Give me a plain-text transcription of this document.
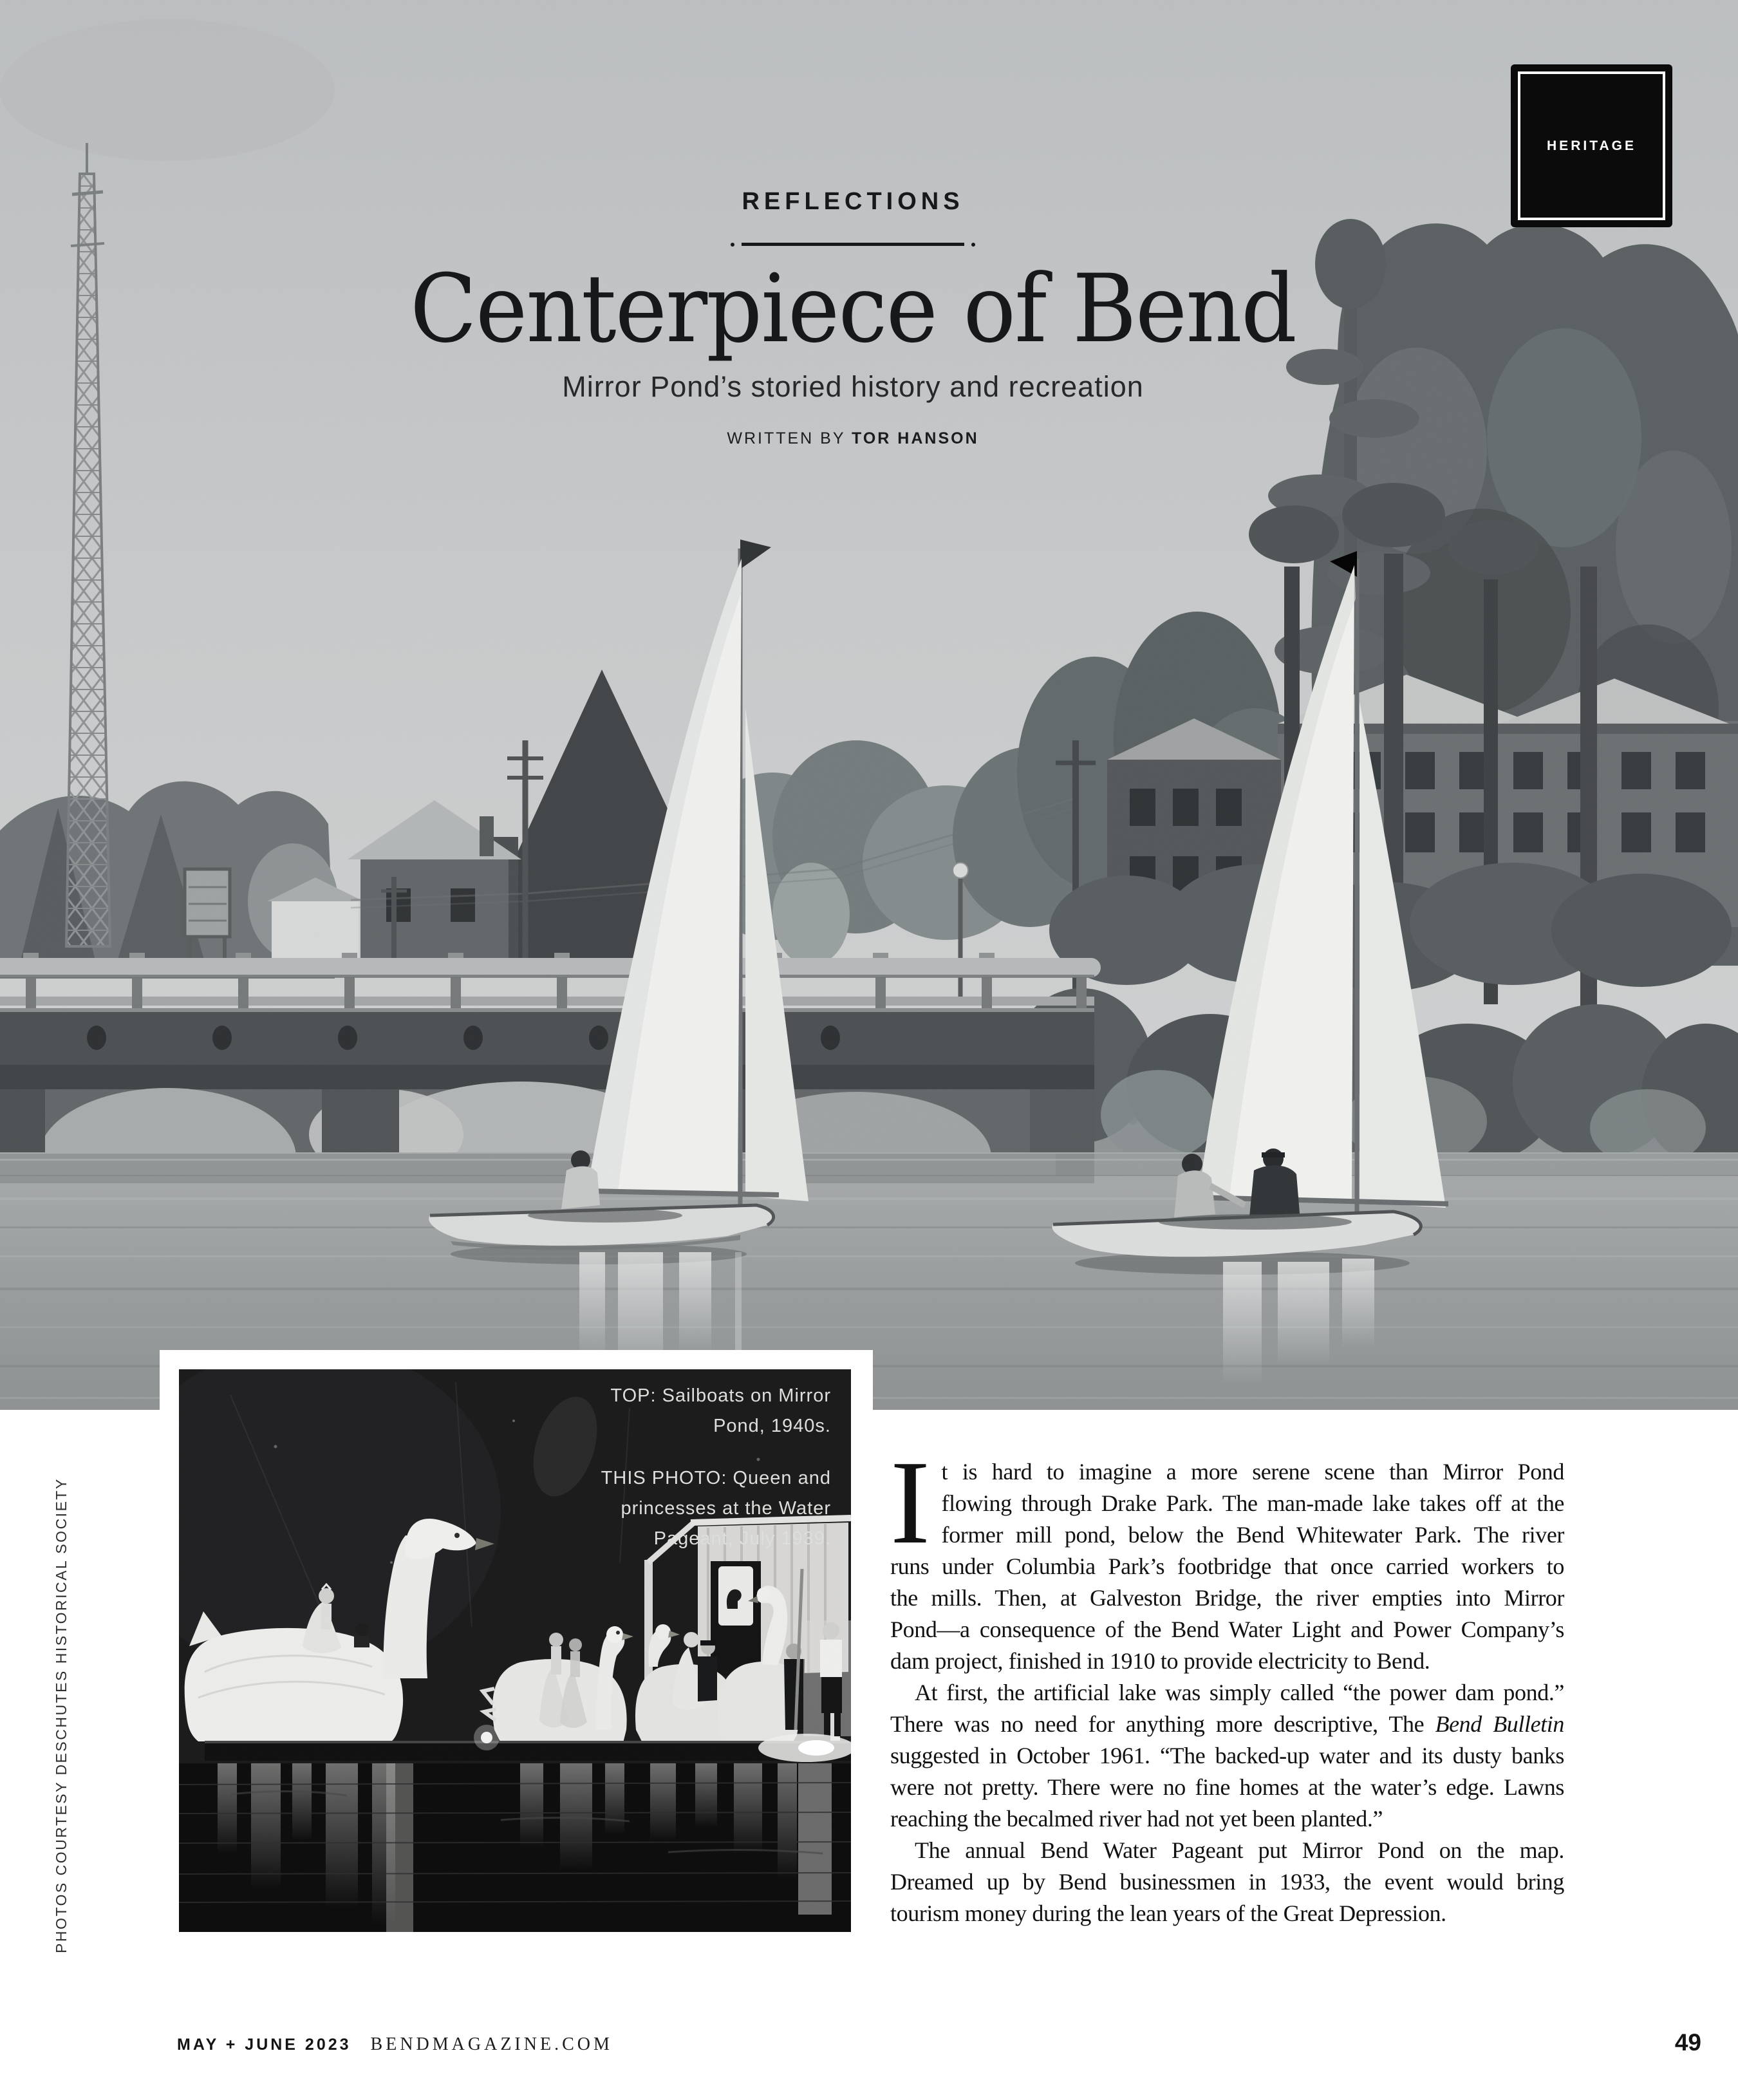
REFLECTIONS
Centerpiece of Bend
Mirror Pond’s storied history and recreation
WRITTEN BY TOR HANSON
HERITAGE
TOP: Sailboats on Mirror
Pond, 1940s.
THIS PHOTO: Queen and
princesses at the Water
Pageant, July 1939. It is hard to imagine a more serene scene than Mirror Pond
flowing through Drake Park. The man-made lake takes off at the
former mill pond, below the Bend Whitewater Park. The river
runs under Columbia Park’s footbridge that once carried workers to
the mills. Then, at Galveston Bridge, the river empties into Mirror
Pond—a consequence of the Bend Water Light and Power Company’s
dam project, finished in 1910 to provide electricity to Bend.
At first, the artificial lake was simply called “the power dam pond.”
There was no need for anything more descriptive, The Bend Bulletin
suggested in October 1961. “The backed-up water and its dusty banks
were not pretty. There were no fine homes at the water’s edge. Lawns
reaching the becalmed river had not yet been planted.”
The annual Bend Water Pageant put Mirror Pond on the map.
Dreamed up by Bend businessmen in 1933, the event would bring
tourism money during the lean years of the Great Depression.
PHOTOS COURTESY DESCHUTES HISTORICAL SOCIETY
MAY + JUNE 2023 BENDMAGAZINE.COM	49
